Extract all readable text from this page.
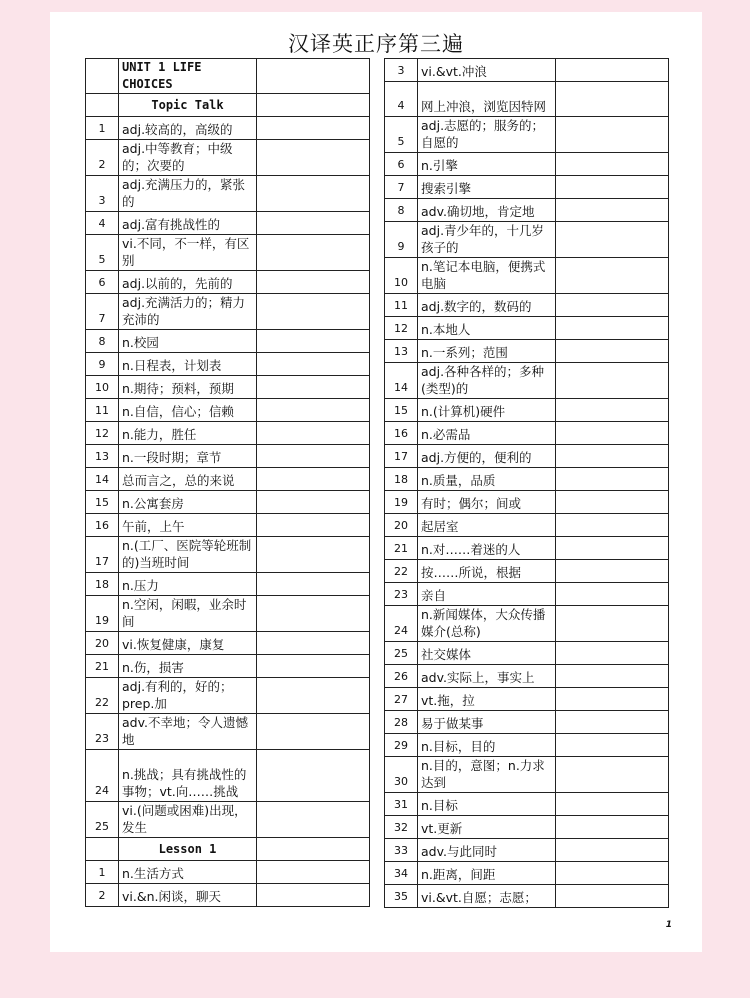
汉译英正序第三遍
	UNIT 1 LIFE CHOICES	
	Topic Talk	
1	adj.较高的，高级的	
2	adj.中等教育；中级的；次要的	
3	adj.充满压力的，紧张的	
4	adj.富有挑战性的	
5	vi.不同，不一样，有区别	
6	adj.以前的，先前的	
7	adj.充满活力的；精力充沛的	
8	n.校园	
9	n.日程表，计划表	
10	n.期待；预料，预期	
11	n.自信，信心；信赖	
12	n.能力，胜任	
13	n.一段时期；章节	
14	总而言之，总的来说	
15	n.公寓套房	
16	午前，上午	
17	n.(工厂、医院等轮班制的)当班时间	
18	n.压力	
19	n.空闲，闲暇，业余时间	
20	vi.恢复健康，康复	
21	n.伤，损害	
22	adj.有利的，好的；prep.加	
23	adv.不幸地；令人遗憾地	
24	n.挑战；具有挑战性的事物；vt.向……挑战	
25	vi.(问题或困难)出现，发生	
	Lesson 1	
1	n.生活方式	
2	vi.&n.闲谈，聊天	
3	vi.&vt.冲浪	
4	网上冲浪，浏览因特网	
5	adj.志愿的；服务的；自愿的	
6	n.引擎	
7	搜索引擎	
8	adv.确切地，肯定地	
9	adj.青少年的，十几岁孩子的	
10	n.笔记本电脑，便携式电脑	
11	adj.数字的，数码的	
12	n.本地人	
13	n.一系列；范围	
14	adj.各种各样的；多种(类型)的	
15	n.(计算机)硬件	
16	n.必需品	
17	adj.方便的，便利的	
18	n.质量，品质	
19	有时；偶尔；间或	
20	起居室	
21	n.对……着迷的人	
22	按……所说，根据	
23	亲自	
24	n.新闻媒体，大众传播媒介(总称)	
25	社交媒体	
26	adv.实际上，事实上	
27	vt.拖，拉	
28	易于做某事	
29	n.目标，目的	
30	n.目的，意图；n.力求达到	
31	n.目标	
32	vt.更新	
33	adv.与此同时	
34	n.距离，间距	
35	vi.&vt.自愿；志愿；	
1
